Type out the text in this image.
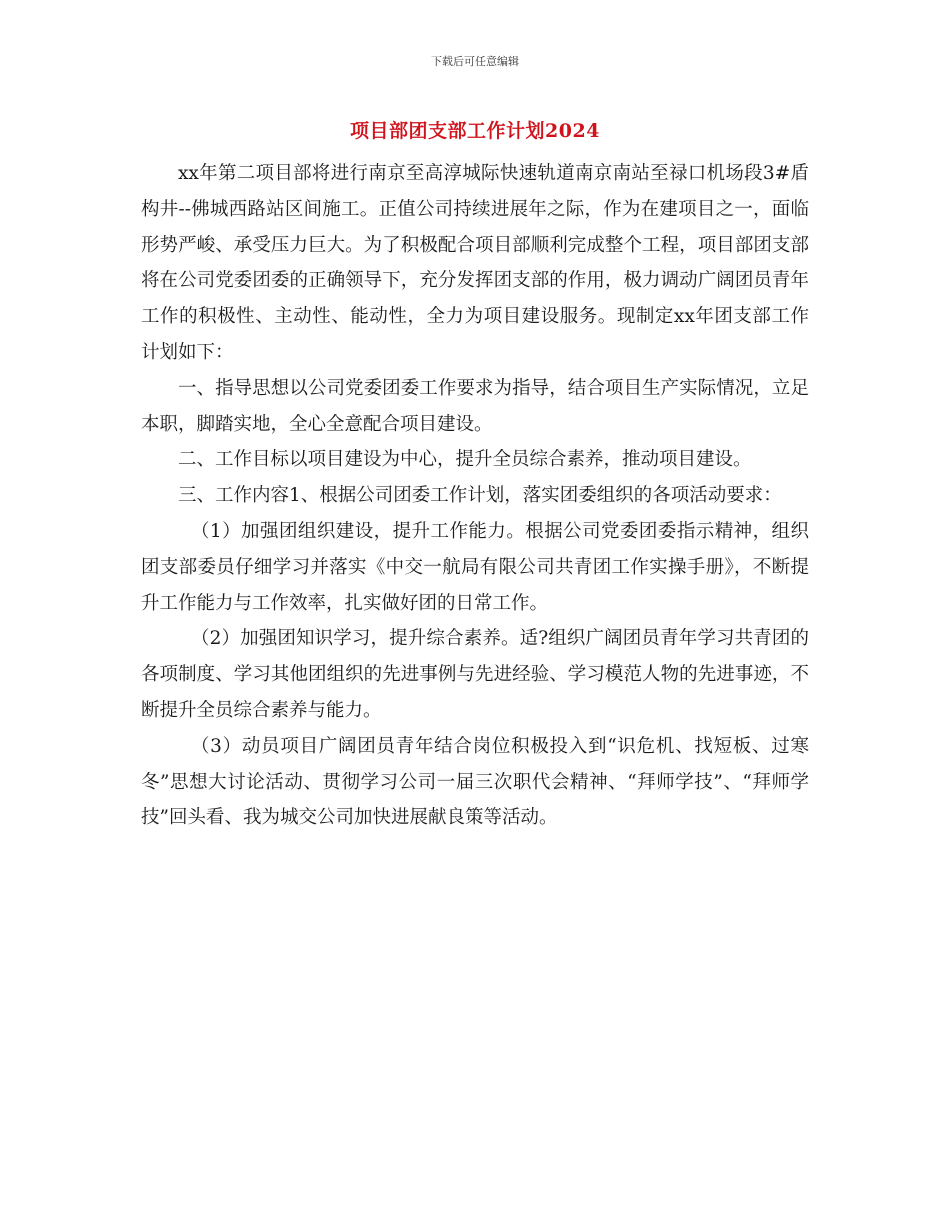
下载后可任意编辑
项目部团支部工作计划2024

xx年第二项目部将进行南京至高淳城际快速轨道南京南站至禄口机场段3#盾构井--佛城西路站区间施工。正值公司持续进展年之际，作为在建项目之一，面临形势严峻、承受压力巨大。为了积极配合项目部顺利完成整个工程，项目部团支部将在公司党委团委的正确领导下，充分发挥团支部的作用，极力调动广阔团员青年工作的积极性、主动性、能动性，全力为项目建设服务。现制定xx年团支部工作计划如下：

一、指导思想以公司党委团委工作要求为指导，结合项目生产实际情况，立足本职，脚踏实地，全心全意配合项目建设。

二、工作目标以项目建设为中心，提升全员综合素养，推动项目建设。

三、工作内容1、根据公司团委工作计划，落实团委组织的各项活动要求：

（1）加强团组织建设，提升工作能力。根据公司党委团委指示精神，组织团支部委员仔细学习并落实《中交一航局有限公司共青团工作实操手册》，不断提升工作能力与工作效率，扎实做好团的日常工作。

（2）加强团知识学习，提升综合素养。适?组织广阔团员青年学习共青团的各项制度、学习其他团组织的先进事例与先进经验、学习模范人物的先进事迹，不断提升全员综合素养与能力。

（3）动员项目广阔团员青年结合岗位积极投入到“识危机、找短板、过寒冬”思想大讨论活动、贯彻学习公司一届三次职代会精神、“拜师学技”、“拜师学技”回头看、我为城交公司加快进展献良策等活动。
